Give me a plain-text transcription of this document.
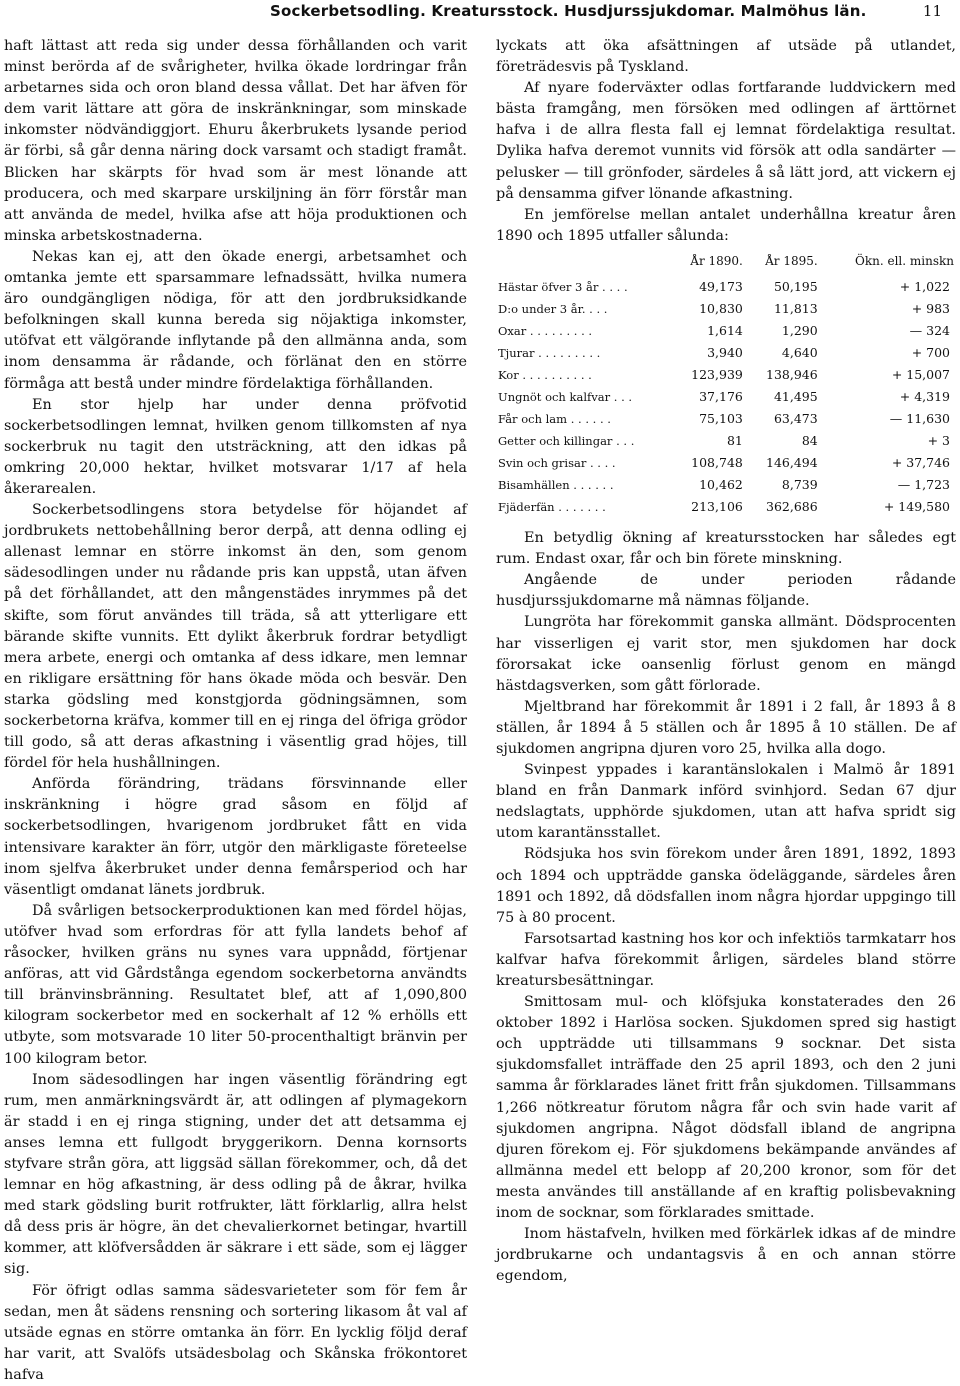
Sockerbetsodling. Kreatursstock. Husdjurssjukdomar. Malmöhus län.	11

haft lättast att reda sig under dessa förhållanden och varit minst berörda af de svårigheter, hvilka ökade lordringar från arbetarnes sida och oron bland dessa vållat. Det har äfven för dem varit lättare att göra de inskränkningar, som minskade inkomster nödvändiggjort. Ehuru åkerbrukets lysande period är förbi, så går denna näring dock varsamt och stadigt framåt. Blicken har skärpts för hvad som är mest lönande att producera, och med skarpare urskiljning än förr förstår man att använda de medel, hvilka afse att höja produktionen och minska arbetskostnaderna.

Nekas kan ej, att den ökade energi, arbetsamhet och omtanka jemte ett sparsammare lefnadssätt, hvilka numera äro oundgängligen nödiga, för att den jordbruksidkande befolkningen skall kunna bereda sig nöjaktiga inkomster, utöfvat ett välgörande inflytande på den allmänna anda, som inom densamma är rådande, och förlänat den en större förmåga att bestå under mindre fördelaktiga förhållanden.

En stor hjelp har under denna pröfvotid sockerbetsodlingen lemnat, hvilken genom tillkomsten af nya sockerbruk nu tagit den utsträckning, att den idkas på omkring 20,000 hektar, hvilket motsvarar 1/17 af hela åkerarealen.

Sockerbetsodlingens stora betydelse för höjandet af jordbrukets nettobehållning beror derpå, att denna odling ej allenast lemnar en större inkomst än den, som genom sädesodlingen under nu rådande pris kan uppstå, utan äfven på det förhållandet, att den mångenstädes inrymmes på det skifte, som förut användes till träda, så att ytterligare ett bärande skifte vunnits. Ett dylikt åkerbruk fordrar betydligt mera arbete, energi och omtanka af dess idkare, men lemnar en rikligare ersättning för hans ökade möda och besvär. Den starka gödsling med konstgjorda gödningsämnen, som sockerbetorna kräfva, kommer till en ej ringa del öfriga grödor till godo, så att deras afkastning i väsentlig grad höjes, till fördel för hela hushållningen.

Anförda förändring, trädans försvinnande eller inskränkning i högre grad såsom en följd af sockerbetsodlingen, hvarigenom jordbruket fått en vida intensivare karakter än förr, utgör den märkligaste företeelse inom sjelfva åkerbruket under denna femårsperiod och har väsentligt omdanat länets jordbruk.

Då svårligen betsockerproduktionen kan med fördel höjas, utöfver hvad som erfordras för att fylla landets behof af råsocker, hvilken gräns nu synes vara uppnådd, förtjenar anföras, att vid Gårdstånga egendom sockerbetorna användts till bränvinsbränning. Resultatet blef, att af 1,090,800 kilogram sockerbetor med en sockerhalt af 12 % erhölls ett utbyte, som motsvarade 10 liter 50-procenthaltigt bränvin per 100 kilogram betor.

Inom sädesodlingen har ingen väsentlig förändring egt rum, men anmärkningsvärdt är, att odlingen af plymagekorn är stadd i en ej ringa stigning, under det att detsamma ej anses lemna ett fullgodt bryggerikorn. Denna kornsorts styfvare strån göra, att liggsäd sällan förekommer, och, då det lemnar en hög afkastning, är dess odling på de åkrar, hvilka med stark gödsling burit rotfrukter, lätt förklarlig, allra helst då dess pris är högre, än det chevalierkornet betingar, hvartill kommer, att klöfversådden är säkrare i ett säde, som ej lägger sig.

För öfrigt odlas samma sädesvarieteter som för fem år sedan, men åt sädens rensning och sortering likasom åt val af utsäde egnas en större omtanka än förr. En lycklig följd deraf har varit, att Svalöfs utsädesbolag och Skånska frökontoret hafva

lyckats att öka afsättningen af utsäde på utlandet, företrädesvis på Tyskland.

Af nyare foderväxter odlas fortfarande luddvickern med bästa framgång, men försöken med odlingen af ärttörnet hafva i de allra flesta fall ej lemnat fördelaktiga resultat. Dylika hafva deremot vunnits vid försök att odla sandärter — pelusker — till grönfoder, särdeles å så lätt jord, att vickern ej på densamma gifver lönande afkastning.

En jemförelse mellan antalet underhållna kreatur åren 1890 och 1895 utfaller sålunda:

	År 1890.	År 1895.	Ökn. ell. minskn
Hästar öfver 3 år . . . .	49,173	50,195	+ 1,022
D:o under 3 år. . . .	10,830	11,813	+ 983
Oxar . . . . . . . . .	1,614	1,290	— 324
Tjurar . . . . . . . . .	3,940	4,640	+ 700
Kor . . . . . . . . . .	123,939	138,946	+ 15,007
Ungnöt och kalfvar . . .	37,176	41,495	+ 4,319
Får och lam . . . . . .	75,103	63,473	— 11,630
Getter och killingar . . .	81	84	+ 3
Svin och grisar . . . .	108,748	146,494	+ 37,746
Bisamhällen . . . . . .	10,462	8,739	— 1,723
Fjäderfän . . . . . . .	213,106	362,686	+ 149,580

En betydlig ökning af kreatursstocken har således egt rum. Endast oxar, får och bin förete minskning.

Angående de under perioden rådande husdjurssjukdomarne må nämnas följande.

Lungröta har förekommit ganska allmänt. Dödsprocenten har visserligen ej varit stor, men sjukdomen har dock förorsakat icke oansenlig förlust genom en mängd hästdagsverken, som gått förlorade.

Mjeltbrand har förekommit år 1891 i 2 fall, år 1893 å 8 ställen, år 1894 å 5 ställen och år 1895 å 10 ställen. De af sjukdomen angripna djuren voro 25, hvilka alla dogo.

Svinpest yppades i karantänslokalen i Malmö år 1891 bland en från Danmark införd svinhjord. Sedan 67 djur nedslagtats, upphörde sjukdomen, utan att hafva spridt sig utom karantänsstallet.

Rödsjuka hos svin förekom under åren 1891, 1892, 1893 och 1894 och uppträdde ganska ödeläggande, särdeles åren 1891 och 1892, då dödsfallen inom några hjordar uppgingo till 75 à 80 procent.

Farsotsartad kastning hos kor och infektiös tarmkatarr hos kalfvar hafva förekommit årligen, särdeles bland större kreatursbesättningar.

Smittosam mul- och klöfsjuka konstaterades den 26 oktober 1892 i Harlösa socken. Sjukdomen spred sig hastigt och uppträdde uti tillsammans 9 socknar. Det sista sjukdomsfallet inträffade den 25 april 1893, och den 2 juni samma år förklarades länet fritt från sjukdomen. Tillsammans 1,266 nötkreatur förutom några får och svin hade varit af sjukdomen angripna. Något dödsfall ibland de angripna djuren förekom ej. För sjukdomens bekämpande användes af allmänna medel ett belopp af 20,200 kronor, som för det mesta användes till anställande af en kraftig polisbevakning inom de socknar, som förklarades smittade.

Inom hästafveln, hvilken med förkärlek idkas af de mindre jordbrukarne och undantagsvis å en och annan större egendom,
